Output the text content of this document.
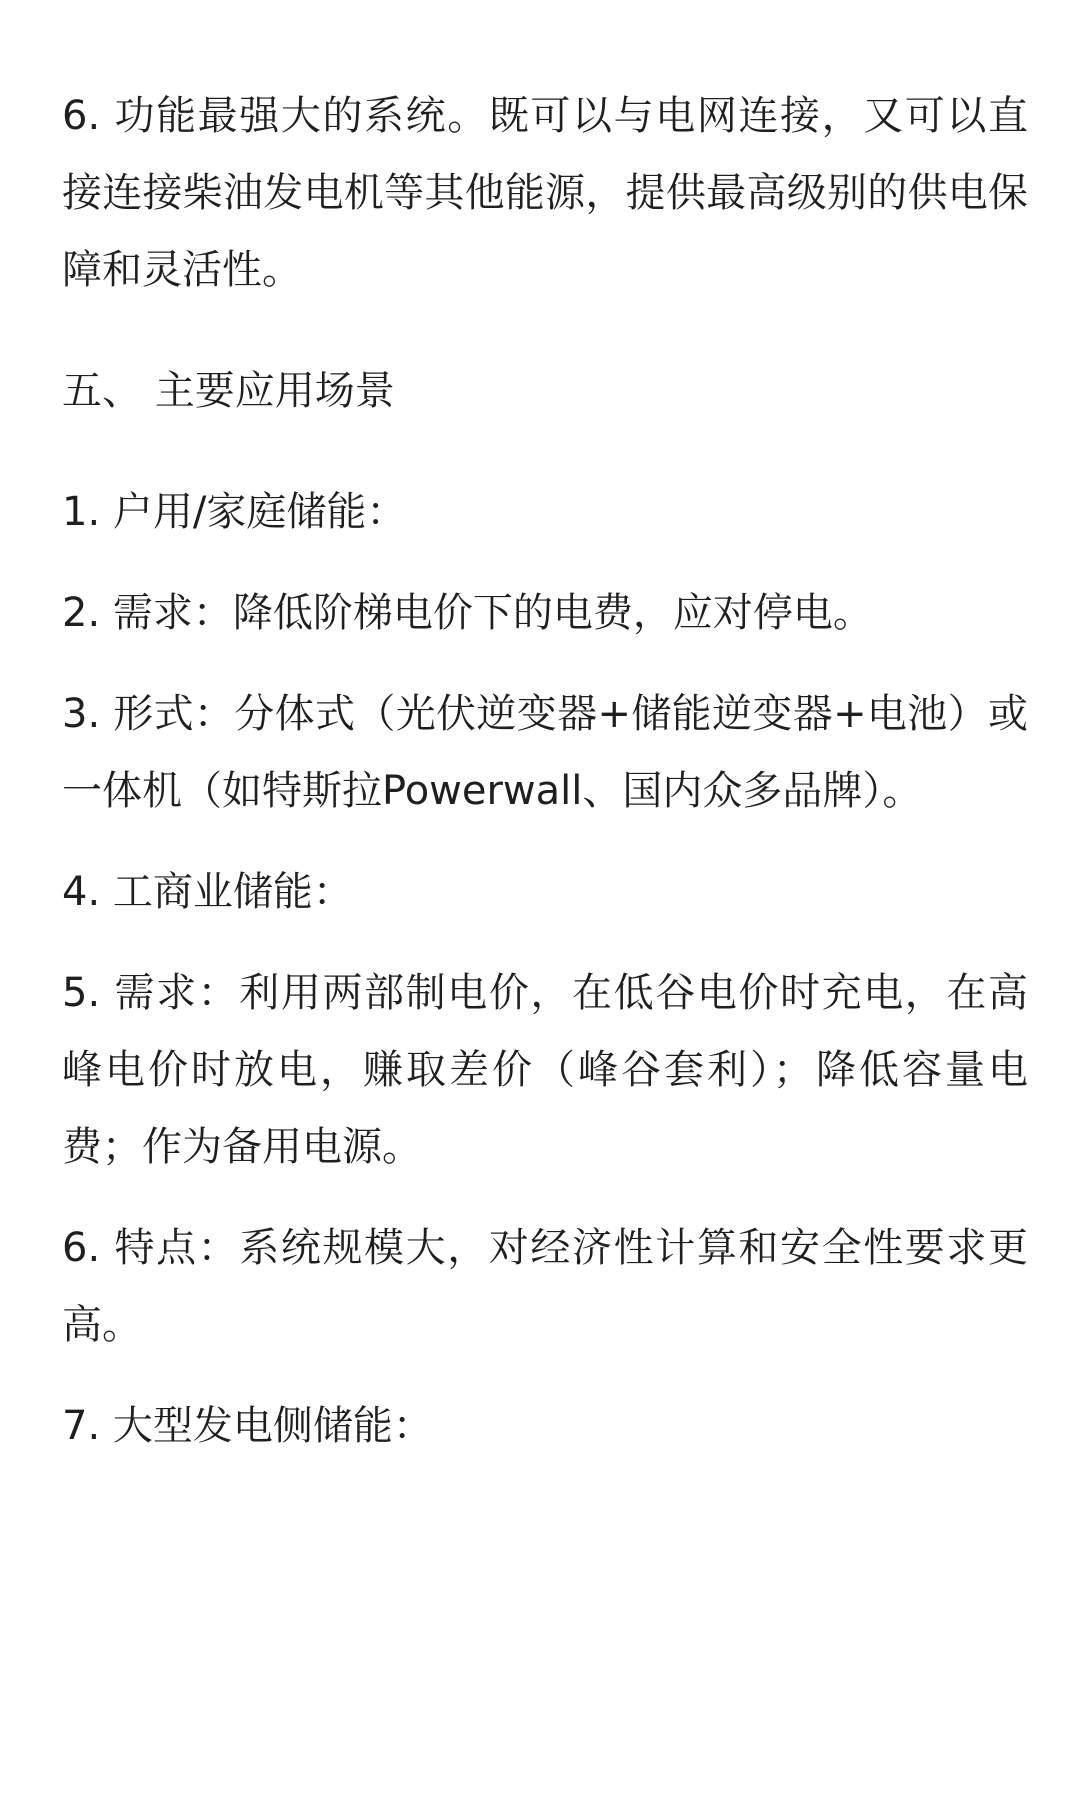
6. 功能最强大的系统。既可以与电网连接，又可以直接连接柴油发电机等其他能源，提供最高级别的供电保障和灵活性。

五、 主要应用场景

1. 户用/家庭储能：

2. 需求：降低阶梯电价下的电费，应对停电。

3. 形式：分体式（光伏逆变器+储能逆变器+电池）或一体机（如特斯拉Powerwall、国内众多品牌）。

4. 工商业储能：

5. 需求：利用两部制电价，在低谷电价时充电，在高峰电价时放电，赚取差价（峰谷套利）；降低容量电费；作为备用电源。

6. 特点：系统规模大，对经济性计算和安全性要求更高。

7. 大型发电侧储能：
